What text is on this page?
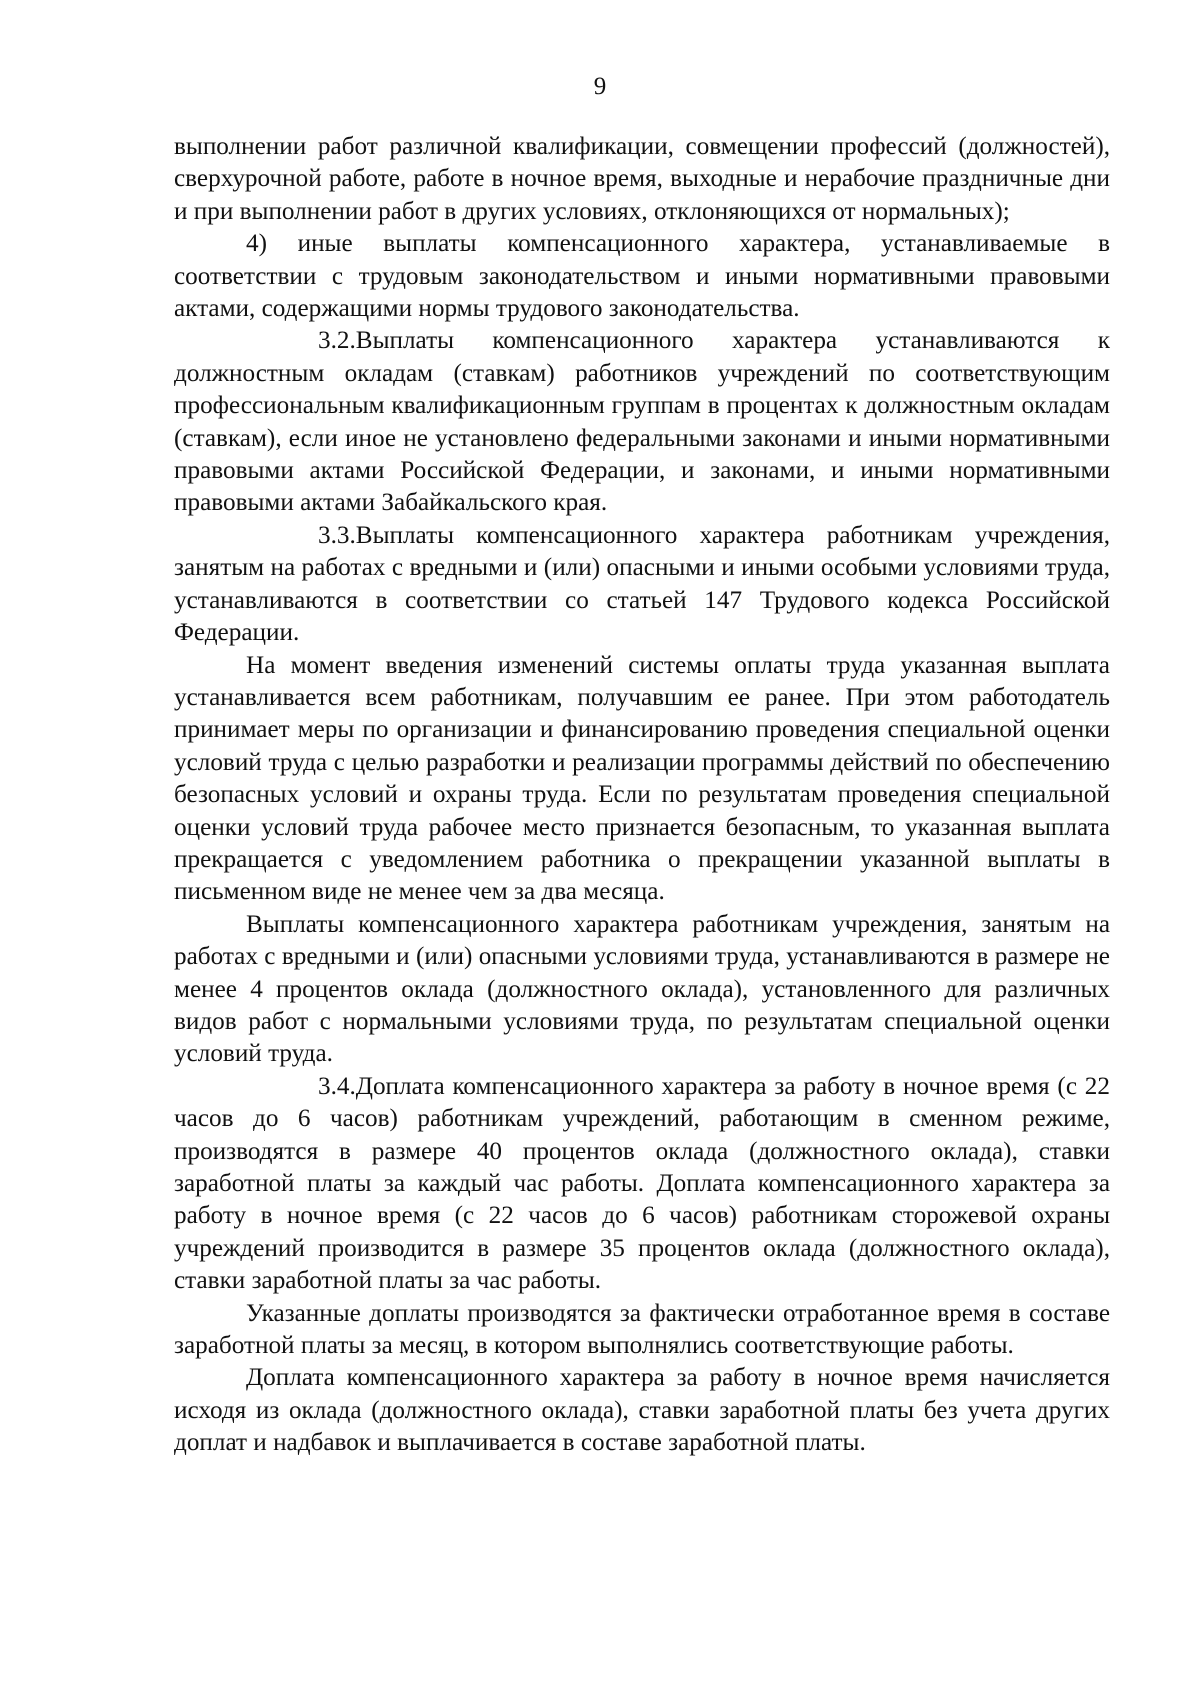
9

выполнении работ различной квалификации, совмещении профессий (должностей), сверхурочной работе, работе в ночное время, выходные и нерабочие праздничные дни и при выполнении работ в других условиях, отклоняющихся от нормальных);

4) иные выплаты компенсационного характера, устанавливаемые в соответствии с трудовым законодательством и иными нормативными правовыми актами, содержащими нормы трудового законодательства.

3.2.Выплаты компенсационного характера устанавливаются к должностным окладам (ставкам) работников учреждений по соответствующим профессиональным квалификационным группам в процентах к должностным окладам (ставкам), если иное не установлено федеральными законами и иными нормативными правовыми актами Российской Федерации, и законами, и иными нормативными правовыми актами Забайкальского края.

3.3.Выплаты компенсационного характера работникам учреждения, занятым на работах с вредными и (или) опасными и иными особыми условиями труда, устанавливаются в соответствии со статьей 147 Трудового кодекса Российской Федерации.

На момент введения изменений системы оплаты труда указанная выплата устанавливается всем работникам, получавшим ее ранее. При этом работодатель принимает меры по организации и финансированию проведения специальной оценки условий труда с целью разработки и реализации программы действий по обеспечению безопасных условий и охраны труда. Если по результатам проведения специальной оценки условий труда рабочее место признается безопасным, то указанная выплата прекращается с уведомлением работника о прекращении указанной выплаты в письменном виде не менее чем за два месяца.

Выплаты компенсационного характера работникам учреждения, занятым на работах с вредными и (или) опасными условиями труда, устанавливаются в размере не менее 4 процентов оклада (должностного оклада), установленного для различных видов работ с нормальными условиями труда, по результатам специальной оценки условий труда.

3.4.Доплата компенсационного характера за работу в ночное время (с 22 часов до 6 часов) работникам учреждений, работающим в сменном режиме, производятся в размере 40 процентов оклада (должностного оклада), ставки заработной платы за каждый час работы. Доплата компенсационного характера за работу в ночное время (с 22 часов до 6 часов) работникам сторожевой охраны учреждений производится в размере 35 процентов оклада (должностного оклада), ставки заработной платы за час работы.

Указанные доплаты производятся за фактически отработанное время в составе заработной платы за месяц, в котором выполнялись соответствующие работы.

Доплата компенсационного характера за работу в ночное время начисляется исходя из оклада (должностного оклада), ставки заработной платы без учета других доплат и надбавок и выплачивается в составе заработной платы.
